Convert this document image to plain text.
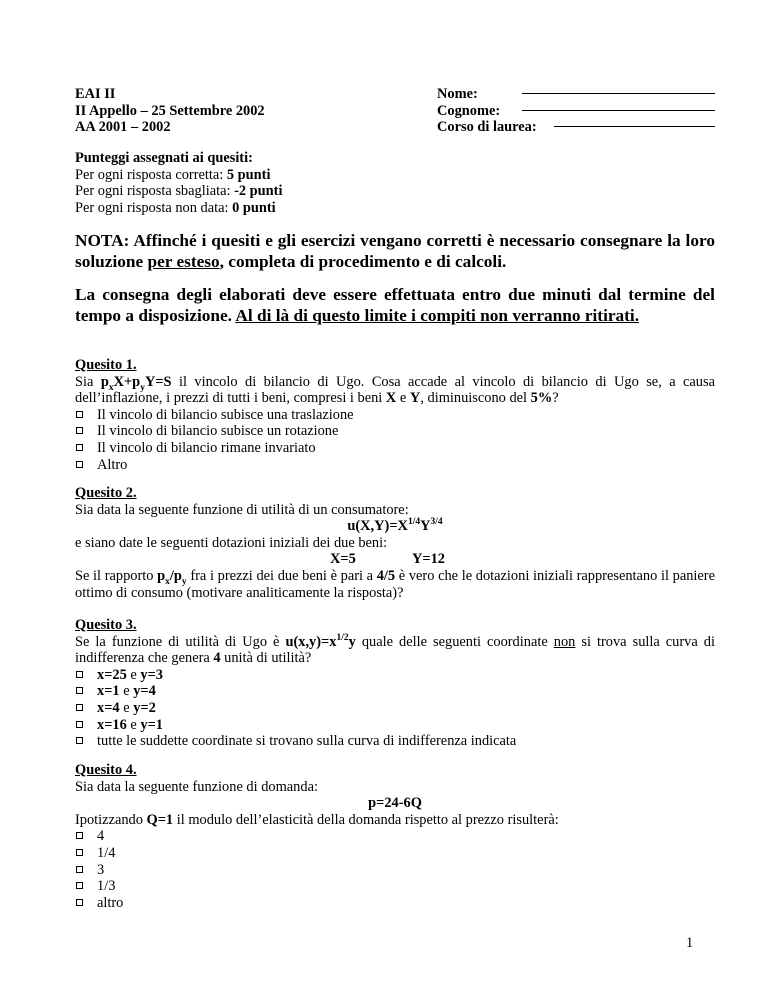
EAI II
II Appello – 25 Settembre 2002
AA 2001 – 2002
Nome:
Cognome:
Corso di laurea:
Punteggi assegnati ai quesiti:
Per ogni risposta corretta: 5 punti
Per ogni risposta sbagliata: -2 punti
Per ogni risposta non data: 0 punti
NOTA: Affinché i quesiti e gli esercizi vengano corretti è necessario consegnare la loro soluzione per esteso, completa di procedimento e di calcoli.
La consegna degli elaborati deve essere effettuata entro due minuti dal termine del tempo a disposizione. Al di là di questo limite i compiti non verranno ritirati.
Quesito 1.
Sia $p_xX+p_yY=S$ il vincolo di bilancio di Ugo. Cosa accade al vincolo di bilancio di Ugo se, a causa dell’inflazione, i prezzi di tutti i beni, compresi i beni X e Y, diminuiscono del 5%?
Il vincolo di bilancio subisce una traslazione
Il vincolo di bilancio subisce un rotazione
Il vincolo di bilancio rimane invariato
Altro
Quesito 2.
Sia data la seguente funzione di utilità di un consumatore:
$u(X,Y)=X^{1/4}Y^{3/4}$
e siano date le seguenti dotazioni iniziali dei due beni:
X=5	Y=12
Se il rapporto $p_x/p_y$ fra i prezzi dei due beni è pari a 4/5 è vero che le dotazioni iniziali rappresentano il paniere ottimo di consumo (motivare analiticamente la risposta)?
Quesito 3.
Se la funzione di utilità di Ugo è $u(x,y)=x^{1/2}y$ quale delle seguenti coordinate non si trova sulla curva di indifferenza che genera 4 unità di utilità?
x=25 e y=3
x=1 e y=4
x=4 e y=2
x=16 e y=1
tutte le suddette coordinate si trovano sulla curva di indifferenza indicata
Quesito 4.
Sia data la seguente funzione di domanda:
p=24-6Q
Ipotizzando Q=1 il modulo dell’elasticità della domanda rispetto al prezzo risulterà:
4
1/4
3
1/3
altro
1
